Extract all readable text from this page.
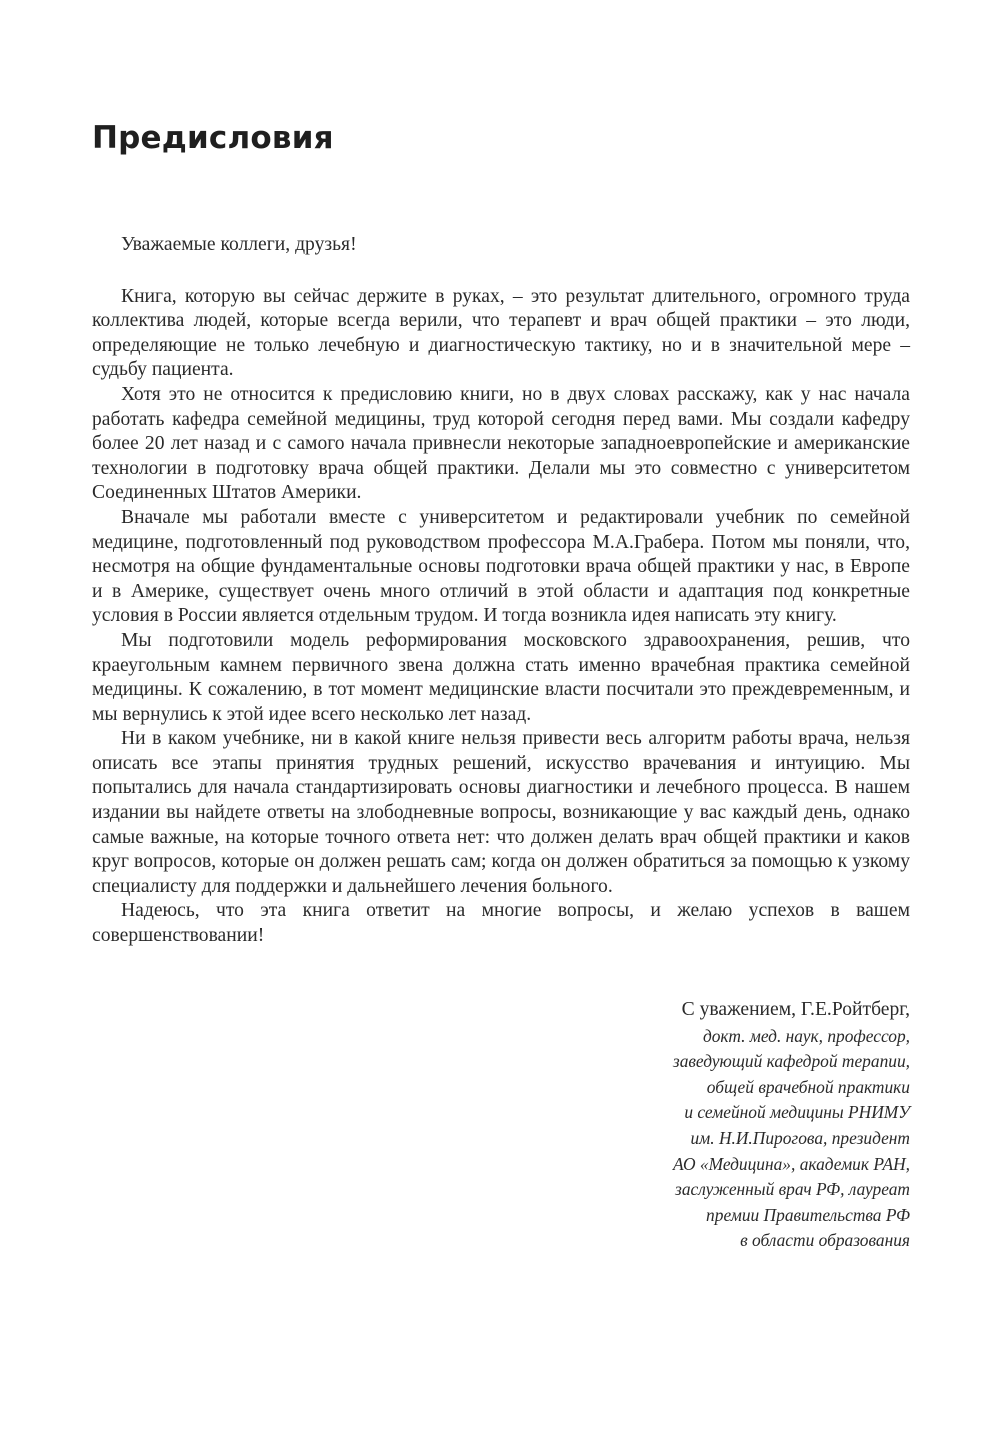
Предисловия

Уважаемые коллеги, друзья!

Книга, которую вы сейчас держите в руках, – это результат длительного, огромного труда коллектива людей, которые всегда верили, что терапевт и врач общей практики – это люди, определяющие не только лечебную и диагностическую тактику, но и в значительной мере – судьбу пациента.

Хотя это не относится к предисловию книги, но в двух словах расскажу, как у нас начала работать кафедра семейной медицины, труд которой сегодня перед вами. Мы создали кафедру более 20 лет назад и с самого начала привнесли некоторые западноевропейские и американские технологии в подготовку врача общей практики. Делали мы это совместно с университетом Соединенных Штатов Америки.

Вначале мы работали вместе с университетом и редактировали учебник по семейной медицине, подготовленный под руководством профессора М.А.Грабера. Потом мы поняли, что, несмотря на общие фундаментальные основы подготовки врача общей практики у нас, в Европе и в Америке, существует очень много отличий в этой области и адаптация под конкретные условия в России является отдельным трудом. И тогда возникла идея написать эту книгу.

Мы подготовили модель реформирования московского здравоохранения, решив, что краеугольным камнем первичного звена должна стать именно врачебная практика семейной медицины. К сожалению, в тот момент медицинские власти посчитали это преждевременным, и мы вернулись к этой идее всего несколько лет назад.

Ни в каком учебнике, ни в какой книге нельзя привести весь алгоритм работы врача, нельзя описать все этапы принятия трудных решений, искусство врачевания и интуицию. Мы попытались для начала стандартизировать основы диагностики и лечебного процесса. В нашем издании вы найдете ответы на злободневные вопросы, возникающие у вас каждый день, однако самые важные, на которые точного ответа нет: что должен делать врач общей практики и каков круг вопросов, которые он должен решать сам; когда он должен обратиться за помощью к узкому специалисту для поддержки и дальнейшего лечения больного.

Надеюсь, что эта книга ответит на многие вопросы, и желаю успехов в вашем совершенствовании!

С уважением, Г.Е.Ройтберг,
докт. мед. наук, профессор,
заведующий кафедрой терапии,
общей врачебной практики
и семейной медицины РНИМУ
им. Н.И.Пирогова, президент
АО «Медицина», академик РАН,
заслуженный врач РФ, лауреат
премии Правительства РФ
в области образования
